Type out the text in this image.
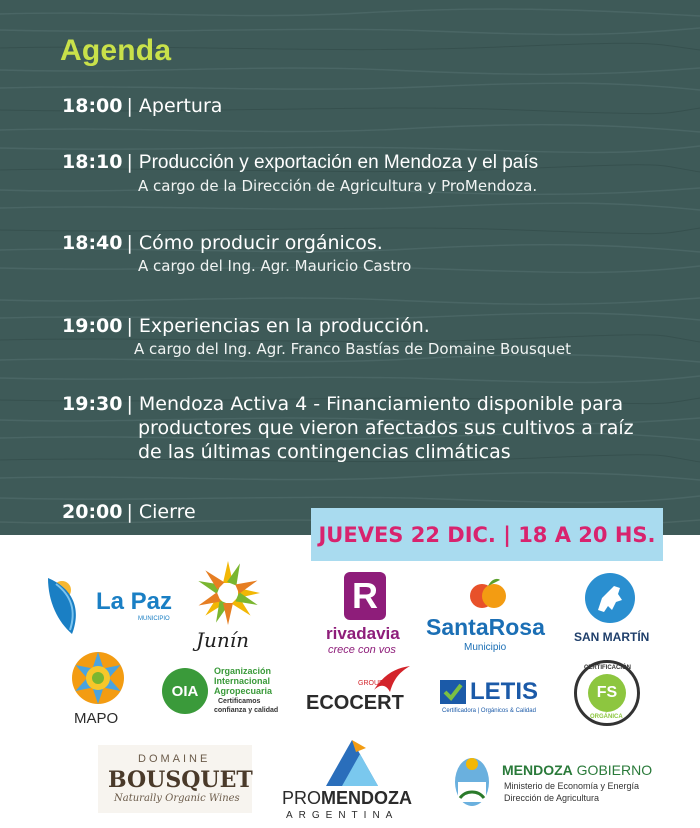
Agenda
18:00 | Apertura
18:10 | Producción y exportación en Mendoza y el país
A cargo de la Dirección de Agricultura y ProMendoza.
18:40 | Cómo producir orgánicos.
A cargo del Ing. Agr. Mauricio Castro
19:00 | Experiencias en la producción.
A cargo del Ing. Agr. Franco Bastías de Domaine Bousquet
19:30 | Mendoza Activa 4 - Financiamiento disponible para
productores que vieron afectados sus cultivos a raíz
de las últimas contingencias climáticas
20:00 | Cierre
JUEVES 22 DIC. | 18 A 20 HS.
La Paz
MUNICIPIO
Junín
R
rivadavia
crece con vos
SantaRosa
Municipio
SAN MARTÍN
MAPO
OIA
Organización
Internacional
Agropecuaria
Certificamos
confianza y calidad
GROUP
ECOCERT	LETIS
Certificadora | Orgánicos & Calidad
FS
CERTIFICACIÓN
ORGÁNICA
DOMAINE
BOUSQUET
Naturally Organic Wines PROMENDOZA
ARGENTINA
MENDOZA GOBIERNO
Ministerio de Economía y Energía
Dirección de Agricultura
